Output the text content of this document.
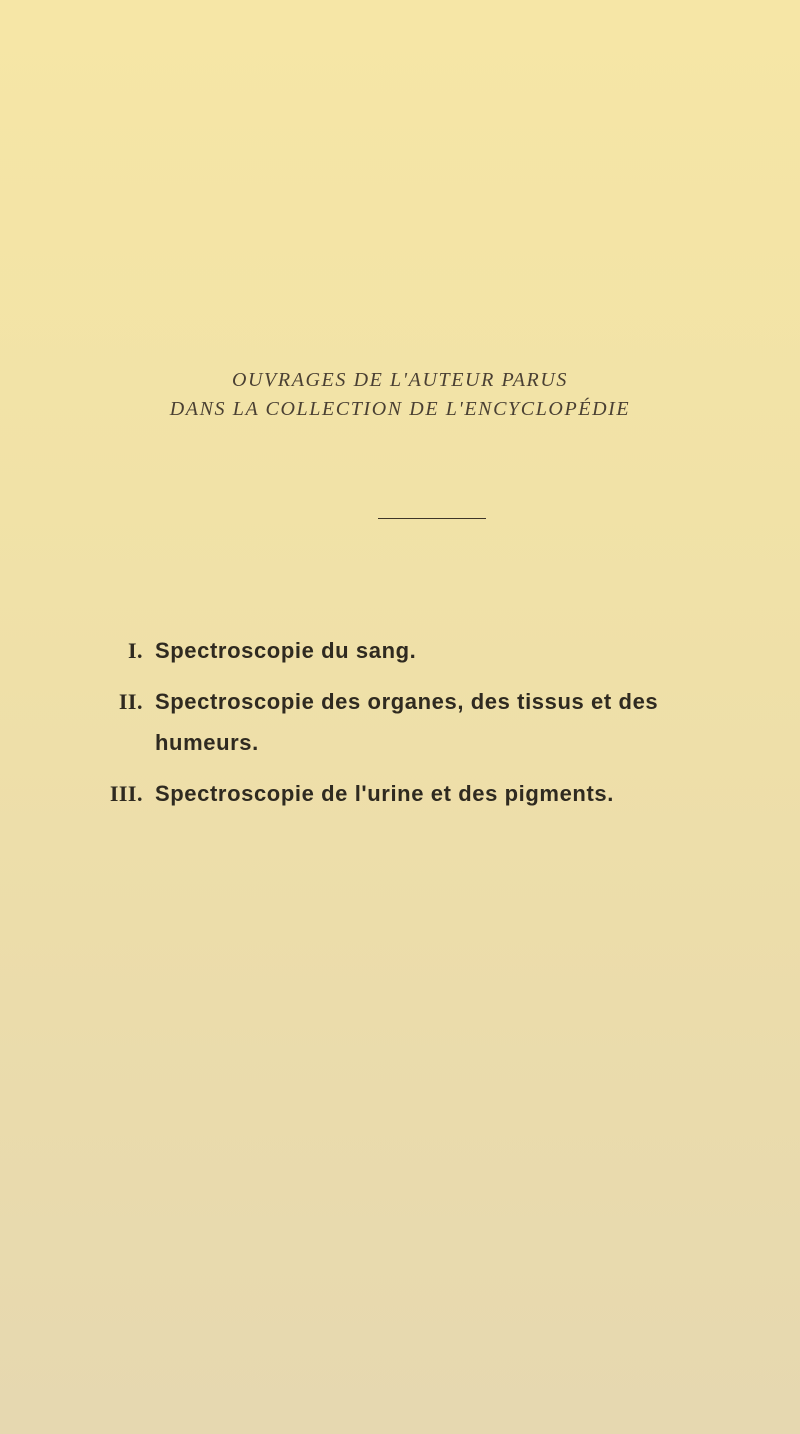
OUVRAGES DE L'AUTEUR PARUS
DANS LA COLLECTION DE L'ENCYCLOPÉDIE
I. Spectroscopie du sang.
II. Spectroscopie des organes, des tissus et des
humeurs.
III. Spectroscopie de l'urine et des pigments.
